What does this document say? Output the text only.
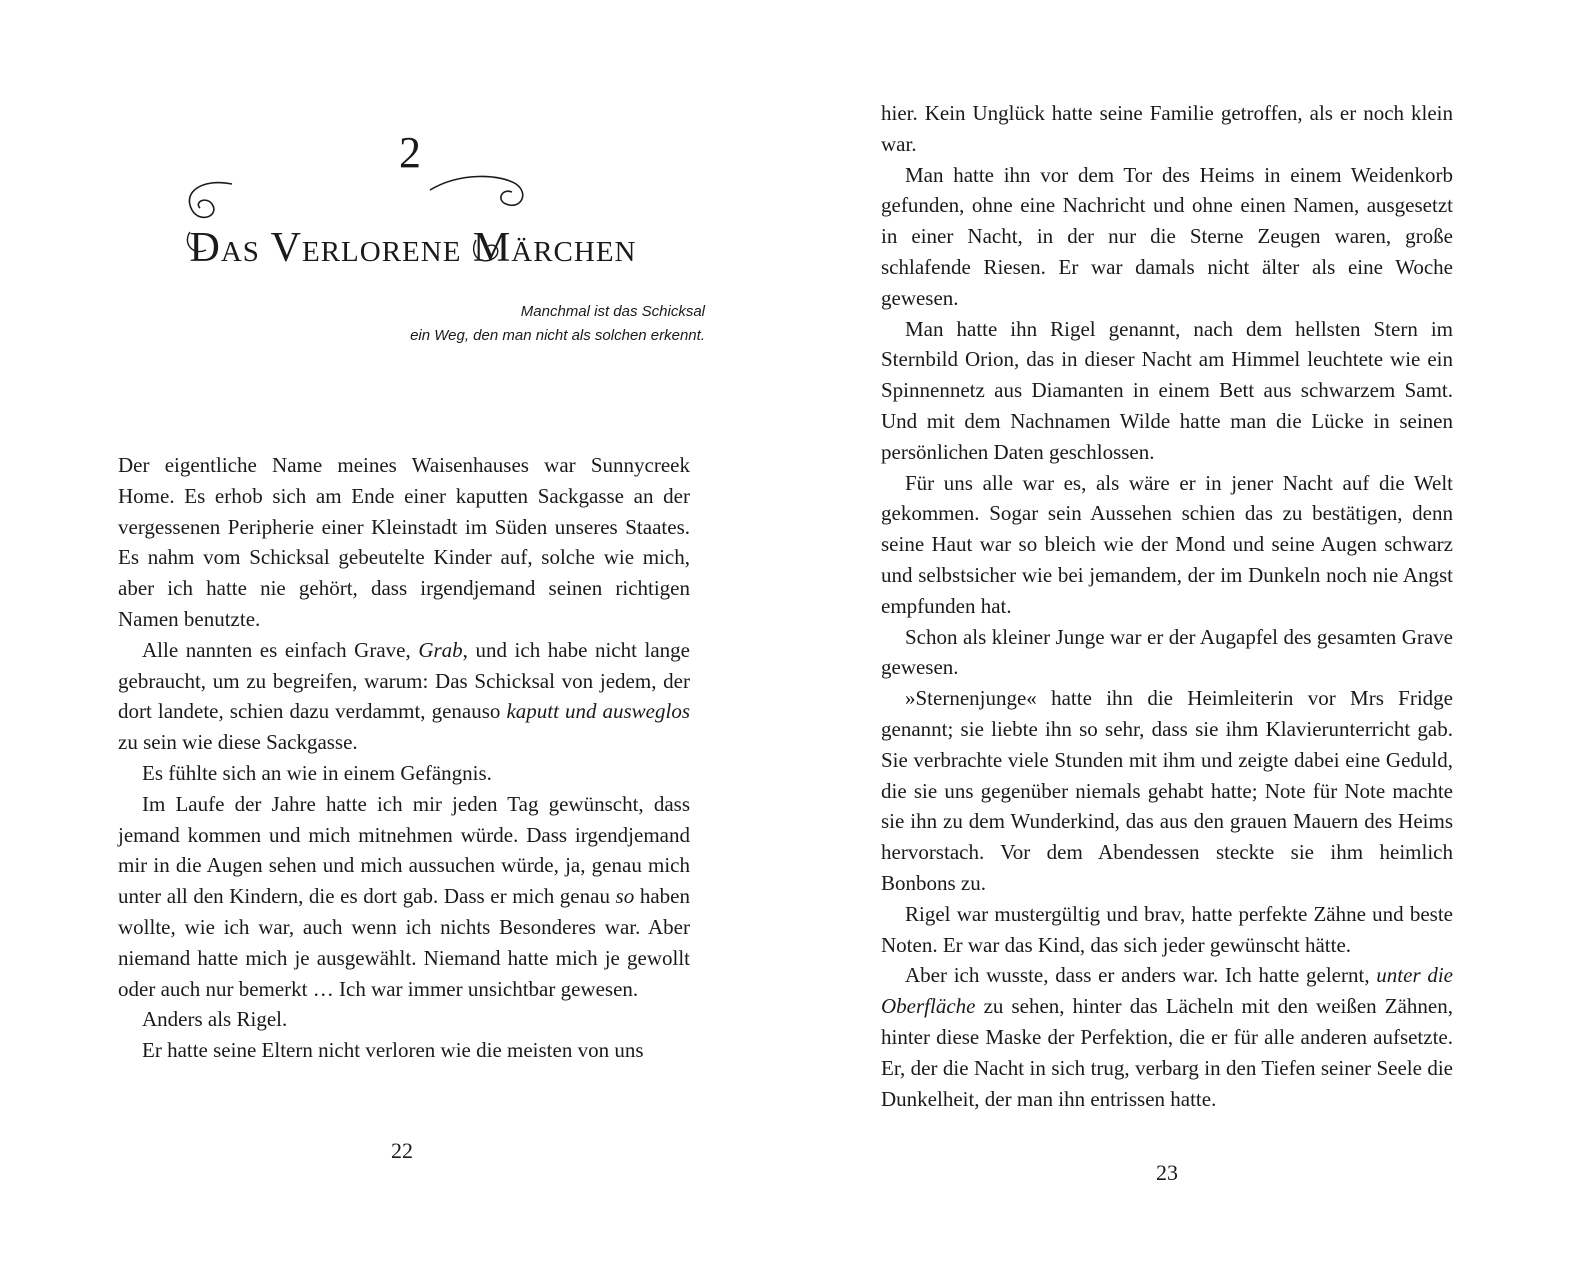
2
Das Verlorene Märchen
Manchmal ist das Schicksal
ein Weg, den man nicht als solchen erkennt.

Der eigentliche Name meines Waisenhauses war Sunnycreek Home. Es erhob sich am Ende einer kaputten Sackgasse an der vergessenen Peripherie einer Kleinstadt im Süden unseres Staates. Es nahm vom Schicksal gebeutelte Kinder auf, solche wie mich, aber ich hatte nie gehört, dass irgendjemand seinen richtigen Namen benutzte.

Alle nannten es einfach Grave, Grab, und ich habe nicht lange gebraucht, um zu begreifen, warum: Das Schicksal von jedem, der dort landete, schien dazu verdammt, genauso kaputt und ausweglos zu sein wie diese Sackgasse.

Es fühlte sich an wie in einem Gefängnis.

Im Laufe der Jahre hatte ich mir jeden Tag gewünscht, dass jemand kommen und mich mitnehmen würde. Dass irgendjemand mir in die Augen sehen und mich aussuchen würde, ja, genau mich unter all den Kindern, die es dort gab. Dass er mich genau so haben wollte, wie ich war, auch wenn ich nichts Besonderes war. Aber niemand hatte mich je ausgewählt. Niemand hatte mich je gewollt oder auch nur bemerkt … Ich war immer unsichtbar gewesen.

Anders als Rigel.

Er hatte seine Eltern nicht verloren wie die meisten von uns

22

hier. Kein Unglück hatte seine Familie getroffen, als er noch klein war.

Man hatte ihn vor dem Tor des Heims in einem Weidenkorb gefunden, ohne eine Nachricht und ohne einen Namen, ausgesetzt in einer Nacht, in der nur die Sterne Zeugen waren, große schlafende Riesen. Er war damals nicht älter als eine Woche gewesen.

Man hatte ihn Rigel genannt, nach dem hellsten Stern im Sternbild Orion, das in dieser Nacht am Himmel leuchtete wie ein Spinnennetz aus Diamanten in einem Bett aus schwarzem Samt. Und mit dem Nachnamen Wilde hatte man die Lücke in seinen persönlichen Daten geschlossen.

Für uns alle war es, als wäre er in jener Nacht auf die Welt gekommen. Sogar sein Aussehen schien das zu bestätigen, denn seine Haut war so bleich wie der Mond und seine Augen schwarz und selbstsicher wie bei jemandem, der im Dunkeln noch nie Angst empfunden hat.

Schon als kleiner Junge war er der Augapfel des gesamten Grave gewesen.

»Sternenjunge« hatte ihn die Heimleiterin vor Mrs Fridge genannt; sie liebte ihn so sehr, dass sie ihm Klavierunterricht gab. Sie verbrachte viele Stunden mit ihm und zeigte dabei eine Geduld, die sie uns gegenüber niemals gehabt hatte; Note für Note machte sie ihn zu dem Wunderkind, das aus den grauen Mauern des Heims hervorstach. Vor dem Abendessen steckte sie ihm heimlich Bonbons zu.

Rigel war mustergültig und brav, hatte perfekte Zähne und beste Noten. Er war das Kind, das sich jeder gewünscht hätte.

Aber ich wusste, dass er anders war. Ich hatte gelernt, unter die Oberfläche zu sehen, hinter das Lächeln mit den weißen Zähnen, hinter diese Maske der Perfektion, die er für alle anderen aufsetzte. Er, der die Nacht in sich trug, verbarg in den Tiefen seiner Seele die Dunkelheit, der man ihn entrissen hatte.

23
